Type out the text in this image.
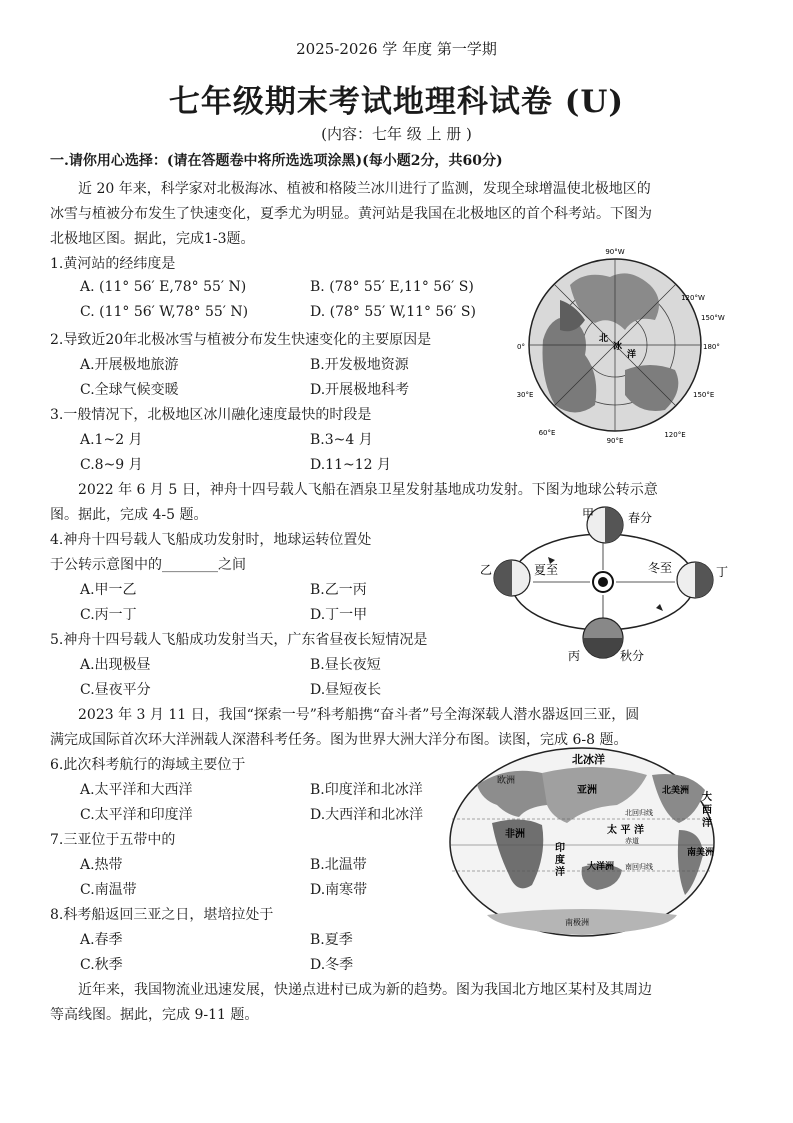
2025-2026 学 年度 第一学期
七年级期末考试地理科试卷 (U)
(内容：七年 级 上 册 )
一.请你用心选择：(请在答题卷中将所选选项涂黑)(每小题2分，共60分)
近 20 年来，科学家对北极海冰、植被和格陵兰冰川进行了监测，发现全球增温使北极地区的
冰雪与植被分布发生了快速变化，夏季尤为明显。黄河站是我国在北极地区的首个科考站。下图为
北极地区图。据此，完成1-3题。
1.黄河站的经纬度是
A. (11° 56′ E,78° 55′ N)	B. (78° 55′ E,11° 56′ S)
C. (11° 56′ W,78° 55′ N)	D. (78° 55′ W,11° 56′ S)
2.导致近20年北极冰雪与植被分布发生快速变化的主要原因是
A.开展极地旅游	B.开发极地资源
C.全球气候变暖	D.开展极地科考
3.一般情况下，北极地区冰川融化速度最快的时段是
A.1~2 月	B.3~4 月
C.8~9 月	D.11~12 月
2022 年 6 月 5 日，神舟十四号载人飞船在酒泉卫星发射基地成功发射。下图为地球公转示意
图。据此，完成 4-5 题。
4.神舟十四号载人飞船成功发射时，地球运转位置处
于公转示意图中的________之间
A.甲一乙	B.乙一丙
C.丙一丁	D.丁一甲
5.神舟十四号载人飞船成功发射当天，广东省昼夜长短情况是
A.出现极昼	B.昼长夜短
C.昼夜平分	D.昼短夜长
2023 年 3 月 11 日，我国“探索一号”科考船携“奋斗者”号全海深载人潜水器返回三亚，圆
满完成国际首次环大洋洲载人深潜科考任务。图为世界大洲大洋分布图。读图，完成 6-8 题。
6.此次科考航行的海域主要位于
A.太平洋和大西洋	B.印度洋和北冰洋
C.太平洋和印度洋	D.大西洋和北冰洋
7.三亚位于五带中的
A.热带	B.北温带
C.南温带	D.南寒带
8.科考船返回三亚之日，堪培拉处于
A.春季	B.夏季
C.秋季	D.冬季
近年来，我国物流业迅速发展，快递点进村已成为新的趋势。图为我国北方地区某村及其周边
等高线图。据此，完成 9-11 题。
90°W
120°W
150°W
180°
150°E
120°E
90°E
60°E
30°E
0°
北
冰
洋
甲	春分
乙	夏至	冬至	丁
丙	秋分
北冰洋
欧洲
亚洲
非洲	太 平 洋
印
度
洋 大洋洲
北美洲
南美洲
大
西
洋
北回归线
赤道
南回归线
南极洲
